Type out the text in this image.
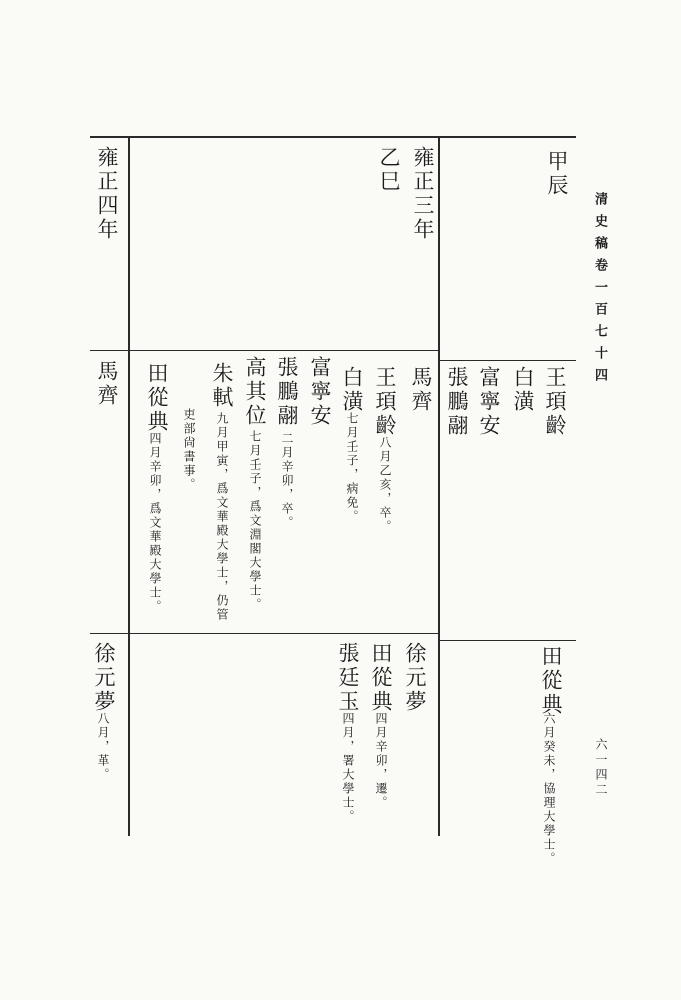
清史稿卷一百七十四
六一四二
甲辰
王頊齡
白潢
富寧安
張鵬翮
田從典
六月癸未，協理大學士。
雍正三年
乙巳
馬齊
王頊齡
八月乙亥，卒。
白潢
七月壬子，病免。
富寧安
張鵬翮
二月辛卯，卒。
高其位
七月壬子，爲文淵閣大學士。
朱軾
九月甲寅，爲文華殿大學士，仍管
吏部尙書事。
田從典
四月辛卯，爲文華殿大學士。
徐元夢
田從典
四月辛卯，遷。
張廷玉
四月，署大學士。
雍正四年
馬齊
徐元夢
八月，革。
